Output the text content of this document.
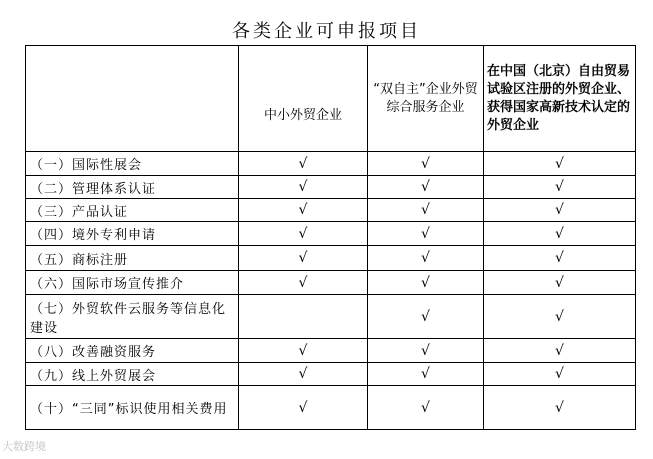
各类企业可申报项目
	中小外贸企业	“双自主”企业外贸综合服务企业	在中国（北京）自由贸易试验区注册的外贸企业、获得国家高新技术认定的外贸企业
（一）国际性展会	√	√	√
（二）管理体系认证	√	√	√
（三）产品认证	√	√	√
（四）境外专利申请	√	√	√
（五）商标注册	√	√	√
（六）国际市场宣传推介	√	√	√
（七）外贸软件云服务等信息化建设		√	√
（八）改善融资服务	√	√	√
（九）线上外贸展会	√	√	√
（十）“三同”标识使用相关费用	√	√	√
大数跨境
